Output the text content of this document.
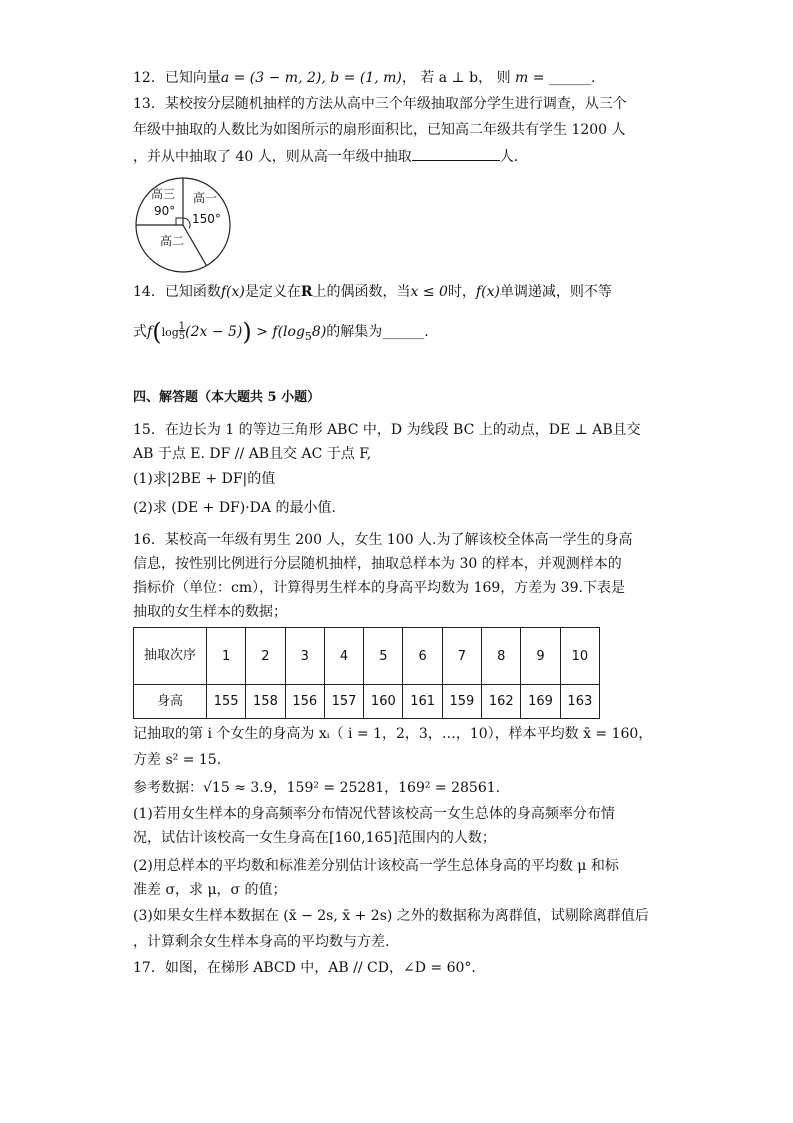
12．已知向量a = (3 − m, 2), b = (1, m)， 若 a ⊥ b， 则 m = ______.
13．某校按分层随机抽样的方法从高中三个年级抽取部分学生进行调查，从三个
年级中抽取的人数比为如图所示的扇形面积比，已知高二年级共有学生 1200 人
，并从中抽取了 40 人，则从高一年级中抽取	人．
高三
90°
高一
150°
高二
14．已知函数f(x)是定义在R上的偶函数，当x ≤ 0时，f(x)单调递减，则不等
式$f(\log\frac{1}{5}(2x - 5)) > f(\log_58)$的解集为______.
四、解答题（本大题共 5 小题）
15．在边长为 1 的等边三角形 ABC 中，D 为线段 BC 上的动点，DE ⊥ AB且交
AB 于点 E. DF // AB且交 AC 于点 F,
(1)求|2BE + DF|的值
(2)求 (DE + DF)·DA 的最小值.
16．某校高一年级有男生 200 人，女生 100 人.为了解该校全体高一学生的身高
信息，按性别比例进行分层随机抽样，抽取总样本为 30 的样本，并观测样本的
指标价（单位：cm），计算得男生样本的身高平均数为 169，方差为 39.下表是
抽取的女生样本的数据；
抽取次序	1	2	3	4	5	6	7	8	9	10
身高	155	158	156	157	160	161	159	162	169	163
记抽取的第 i 个女生的身高为 xᵢ（ i = 1，2，3，…，10），样本平均数 x̄ = 160，
方差 s² = 15.
参考数据：√15 ≈ 3.9，159² = 25281，169² = 28561.
(1)若用女生样本的身高频率分布情况代替该校高一女生总体的身高频率分布情
况，试估计该校高一女生身高在[160,165]范围内的人数；
(2)用总样本的平均数和标准差分别估计该校高一学生总体身高的平均数 μ 和标
准差 σ，求 μ，σ 的值；
(3)如果女生样本数据在 (x̄ − 2s, x̄ + 2s) 之外的数据称为离群值，试剔除离群值后
，计算剩余女生样本身高的平均数与方差.
17．如图，在梯形 ABCD 中，AB // CD，∠D = 60°．
